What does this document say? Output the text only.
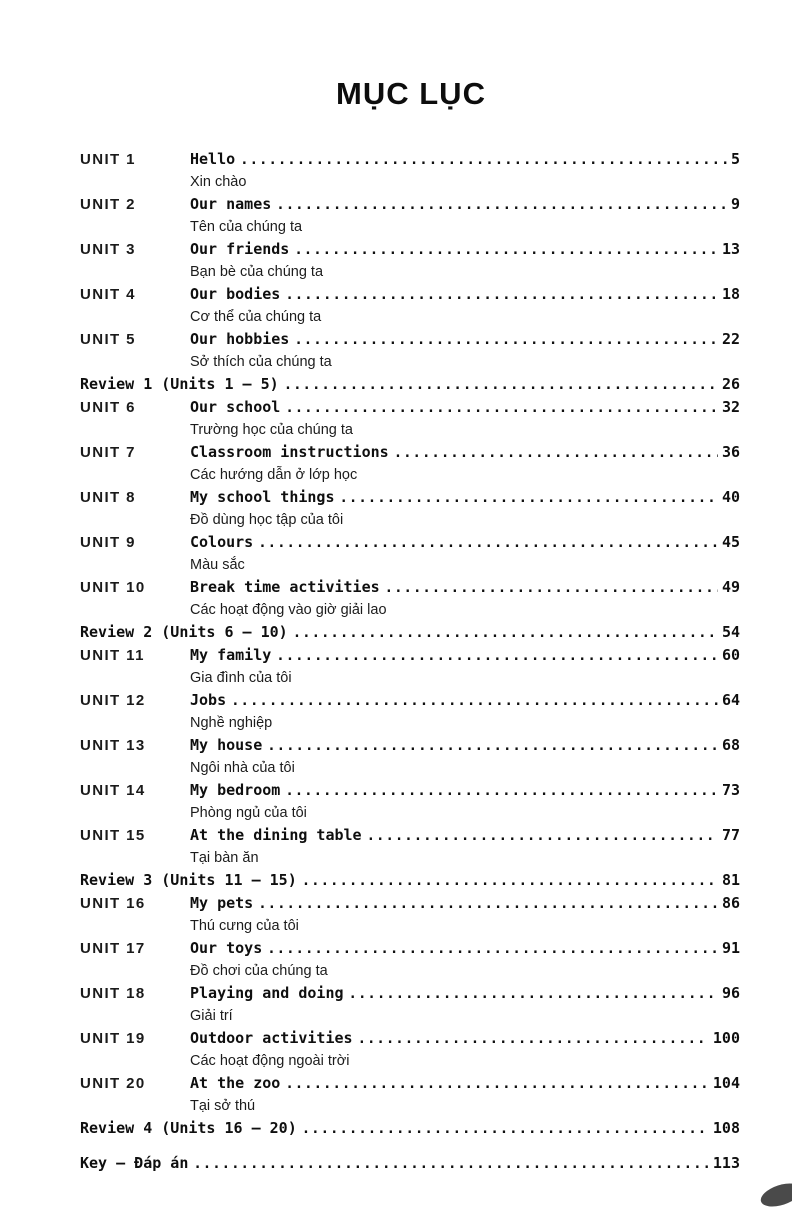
MỤC LỤC
UNIT 1	Hello .....	5
Xin chào
UNIT 2	Our names .....	9
Tên của chúng ta
UNIT 3	Our friends .....	13
Bạn bè của chúng ta
UNIT 4	Our bodies .....	18
Cơ thể của chúng ta
UNIT 5	Our hobbies .....	22
Sở thích của chúng ta
Review 1 (Units 1 – 5) .....	26
UNIT 6	Our school .....	32
Trường học của chúng ta
UNIT 7	Classroom instructions .....	36
Các hướng dẫn ở lớp học
UNIT 8	My school things .....	40
Đồ dùng học tập của tôi
UNIT 9	Colours .....	45
Màu sắc
UNIT 10	Break time activities .....	49
Các hoạt động vào giờ giải lao
Review 2 (Units 6 – 10) .....	54
UNIT 11	My family .....	60
Gia đình của tôi
UNIT 12	Jobs .....	64
Nghề nghiệp
UNIT 13	My house .....	68
Ngôi nhà của tôi
UNIT 14	My bedroom .....	73
Phòng ngủ của tôi
UNIT 15	At the dining table .....	77
Tại bàn ăn
Review 3 (Units 11 – 15) .....	81
UNIT 16	My pets .....	86
Thú cưng của tôi
UNIT 17	Our toys .....	91
Đồ chơi của chúng ta
UNIT 18	Playing and doing .....	96
Giải trí
UNIT 19	Outdoor activities .....	100
Các hoạt động ngoài trời
UNIT 20	At the zoo .....	104
Tại sở thú
Review 4 (Units 16 – 20) .....	108
Key – Đáp án .....	113
